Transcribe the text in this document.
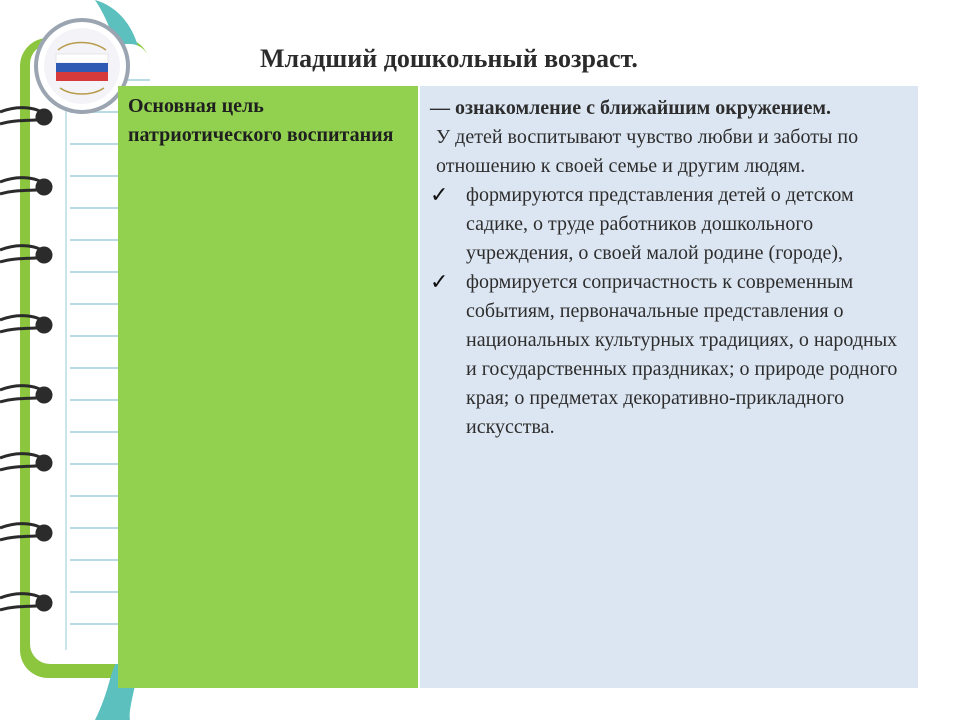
Младший дошкольный возраст.
Основная цель патриотического воспитания
— ознакомление с ближайшим окружением.
У детей воспитывают чувство любви и заботы по отношению к своей семье и другим людям.
✓ формируются представления детей о детском садике, о труде работников дошкольного учреждения, о своей малой родине (городе),
✓ формируется сопричастность к современным событиям, первоначальные представления о национальных культурных традициях, о народных и государственных праздниках; о природе родного края; о предметах декоративно-прикладного искусства.
